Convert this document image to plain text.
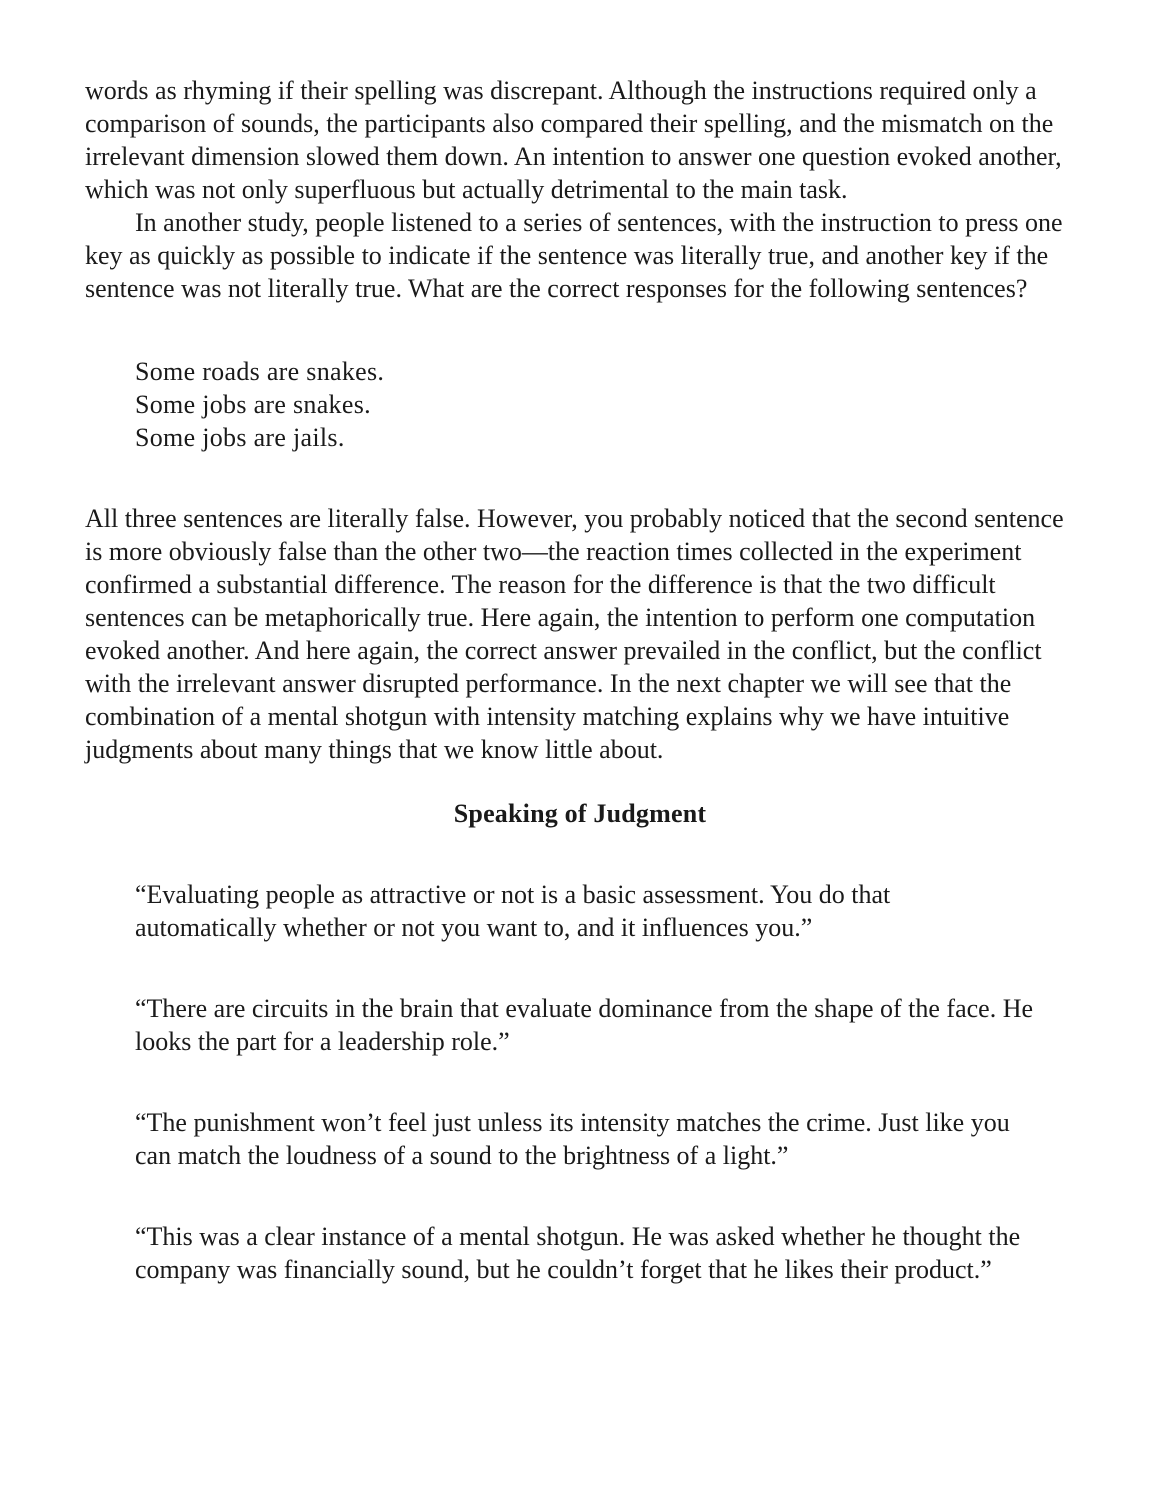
words as rhyming if their spelling was discrepant. Although the instructions required only a comparison of sounds, the participants also compared their spelling, and the mismatch on the irrelevant dimension slowed them down. An intention to answer one question evoked another, which was not only superfluous but actually detrimental to the main task.

In another study, people listened to a series of sentences, with the instruction to press one key as quickly as possible to indicate if the sentence was literally true, and another key if the sentence was not literally true. What are the correct responses for the following sentences?

Some roads are snakes.
Some jobs are snakes.
Some jobs are jails.

All three sentences are literally false. However, you probably noticed that the second sentence is more obviously false than the other two—the reaction times collected in the experiment confirmed a substantial difference. The reason for the difference is that the two difficult sentences can be metaphorically true. Here again, the intention to perform one computation evoked another. And here again, the correct answer prevailed in the conflict, but the conflict with the irrelevant answer disrupted performance. In the next chapter we will see that the combination of a mental shotgun with intensity matching explains why we have intuitive judgments about many things that we know little about.

Speaking of Judgment

“Evaluating people as attractive or not is a basic assessment. You do that automatically whether or not you want to, and it influences you.”

“There are circuits in the brain that evaluate dominance from the shape of the face. He looks the part for a leadership role.”

“The punishment won’t feel just unless its intensity matches the crime. Just like you can match the loudness of a sound to the brightness of a light.”

“This was a clear instance of a mental shotgun. He was asked whether he thought the company was financially sound, but he couldn’t forget that he likes their product.”
